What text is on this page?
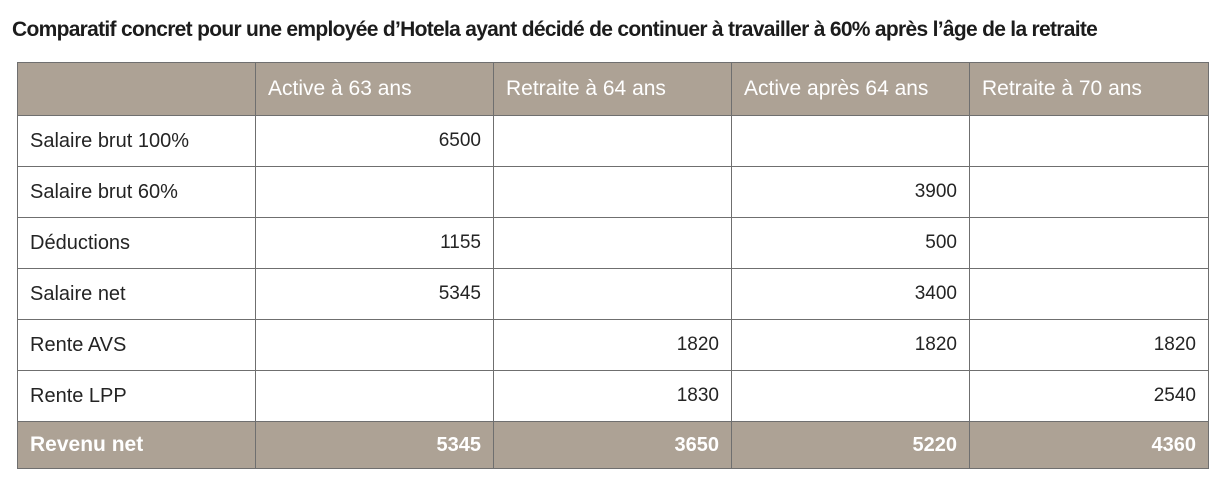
Comparatif concret pour une employée d’Hotela ayant décidé de continuer à travailler à 60% après l’âge de la retraite
	Active à 63 ans	Retraite à 64 ans	Active après 64 ans	Retraite à 70 ans
Salaire brut 100%	6500			
Salaire brut 60%			3900	
Déductions	1155		500	
Salaire net	5345		3400	
Rente AVS		1820	1820	1820
Rente LPP		1830		2540
Revenu net	5345	3650	5220	4360
